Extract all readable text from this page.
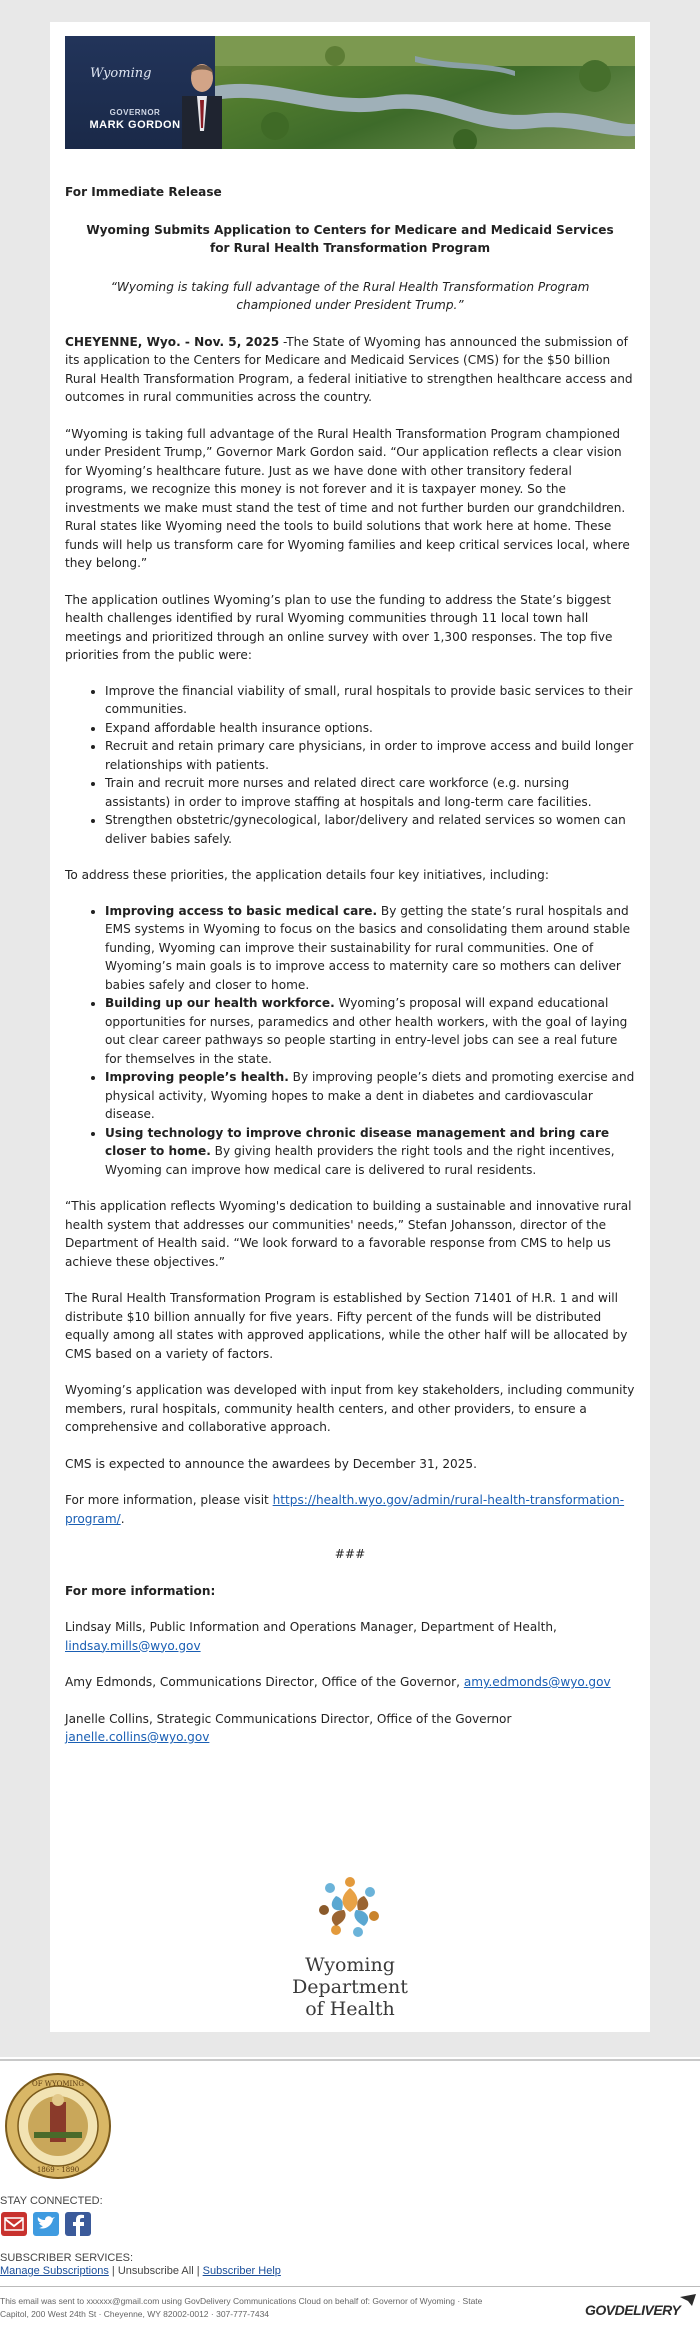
Wyoming
GOVERNOR
MARK GORDON
For Immediate Release
Wyoming Submits Application to Centers for Medicare and Medicaid Services for Rural Health Transformation Program
“Wyoming is taking full advantage of the Rural Health Transformation Program championed under President Trump.”

CHEYENNE, Wyo. - Nov. 5, 2025 -The State of Wyoming has announced the submission of its application to the Centers for Medicare and Medicaid Services (CMS) for the $50 billion Rural Health Transformation Program, a federal initiative to strengthen healthcare access and outcomes in rural communities across the country.

“Wyoming is taking full advantage of the Rural Health Transformation Program championed under President Trump,” Governor Mark Gordon said. “Our application reflects a clear vision for Wyoming’s healthcare future. Just as we have done with other transitory federal programs, we recognize this money is not forever and it is taxpayer money. So the investments we make must stand the test of time and not further burden our grandchildren. Rural states like Wyoming need the tools to build solutions that work here at home. These funds will help us transform care for Wyoming families and keep critical services local, where they belong.”

The application outlines Wyoming’s plan to use the funding to address the State’s biggest health challenges identified by rural Wyoming communities through 11 local town hall meetings and prioritized through an online survey with over 1,300 responses. The top five priorities from the public were:

• Improve the financial viability of small, rural hospitals to provide basic services to their communities.
• Expand affordable health insurance options.
• Recruit and retain primary care physicians, in order to improve access and build longer relationships with patients.
• Train and recruit more nurses and related direct care workforce (e.g. nursing assistants) in order to improve staffing at hospitals and long-term care facilities.
• Strengthen obstetric/gynecological, labor/delivery and related services so women can deliver babies safely.

To address these priorities, the application details four key initiatives, including:

• Improving access to basic medical care. By getting the state’s rural hospitals and EMS systems in Wyoming to focus on the basics and consolidating them around stable funding, Wyoming can improve their sustainability for rural communities. One of Wyoming’s main goals is to improve access to maternity care so mothers can deliver babies safely and closer to home.
• Building up our health workforce. Wyoming’s proposal will expand educational opportunities for nurses, paramedics and other health workers, with the goal of laying out clear career pathways so people starting in entry-level jobs can see a real future for themselves in the state.
• Improving people’s health. By improving people’s diets and promoting exercise and physical activity, Wyoming hopes to make a dent in diabetes and cardiovascular disease.
• Using technology to improve chronic disease management and bring care closer to home. By giving health providers the right tools and the right incentives, Wyoming can improve how medical care is delivered to rural residents.

“This application reflects Wyoming's dedication to building a sustainable and innovative rural health system that addresses our communities' needs,” Stefan Johansson, director of the Department of Health said. “We look forward to a favorable response from CMS to help us achieve these objectives.”

The Rural Health Transformation Program is established by Section 71401 of H.R. 1 and will distribute $10 billion annually for five years. Fifty percent of the funds will be distributed equally among all states with approved applications, while the other half will be allocated by CMS based on a variety of factors.

Wyoming’s application was developed with input from key stakeholders, including community members, rural hospitals, community health centers, and other providers, to ensure a comprehensive and collaborative approach.

CMS is expected to announce the awardees by December 31, 2025.

For more information, please visit https://health.wyo.gov/admin/rural-health-transformation-program/.

###
For more information:

Lindsay Mills, Public Information and Operations Manager, Department of Health,
lindsay.mills@wyo.gov

Amy Edmonds, Communications Director, Office of the Governor, amy.edmonds@wyo.gov

Janelle Collins, Strategic Communications Director, Office of the Governor
janelle.collins@wyo.gov

Wyoming
Department
of Health
OF WYOMING
1869 · 1890
STAY CONNECTED:
SUBSCRIBER SERVICES:
Manage Subscriptions | Unsubscribe All | Subscriber Help
This email was sent to xxxxxx@gmail.com using GovDelivery Communications Cloud on behalf of: Governor of Wyoming · State
Capitol, 200 West 24th St · Cheyenne, WY 82002-0012 · 307-777-7434	GOVDELIVERY
